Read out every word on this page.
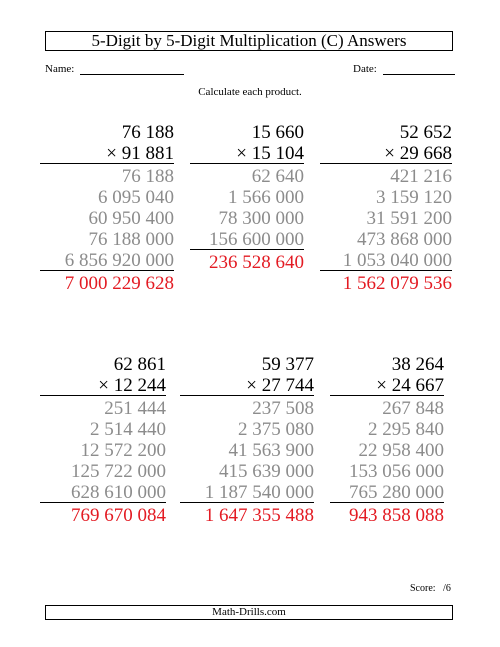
5-Digit by 5-Digit Multiplication (C) Answers
Name:	Date:
Calculate each product.
76 188
× 91 881
76 188
6 095 040
60 950 400
76 188 000
6 856 920 000
7 000 229 628
15 660
× 15 104
62 640
1 566 000
78 300 000
156 600 000
236 528 640
52 652
× 29 668
421 216
3 159 120
31 591 200
473 868 000
1 053 040 000
1 562 079 536
62 861
× 12 244
251 444
2 514 440
12 572 200
125 722 000
628 610 000
769 670 084
59 377
× 27 744
237 508
2 375 080
41 563 900
415 639 000
1 187 540 000
1 647 355 488
38 264
× 24 667
267 848
2 295 840
22 958 400
153 056 000
765 280 000
943 858 088
Score: /6
Math-Drills.com
